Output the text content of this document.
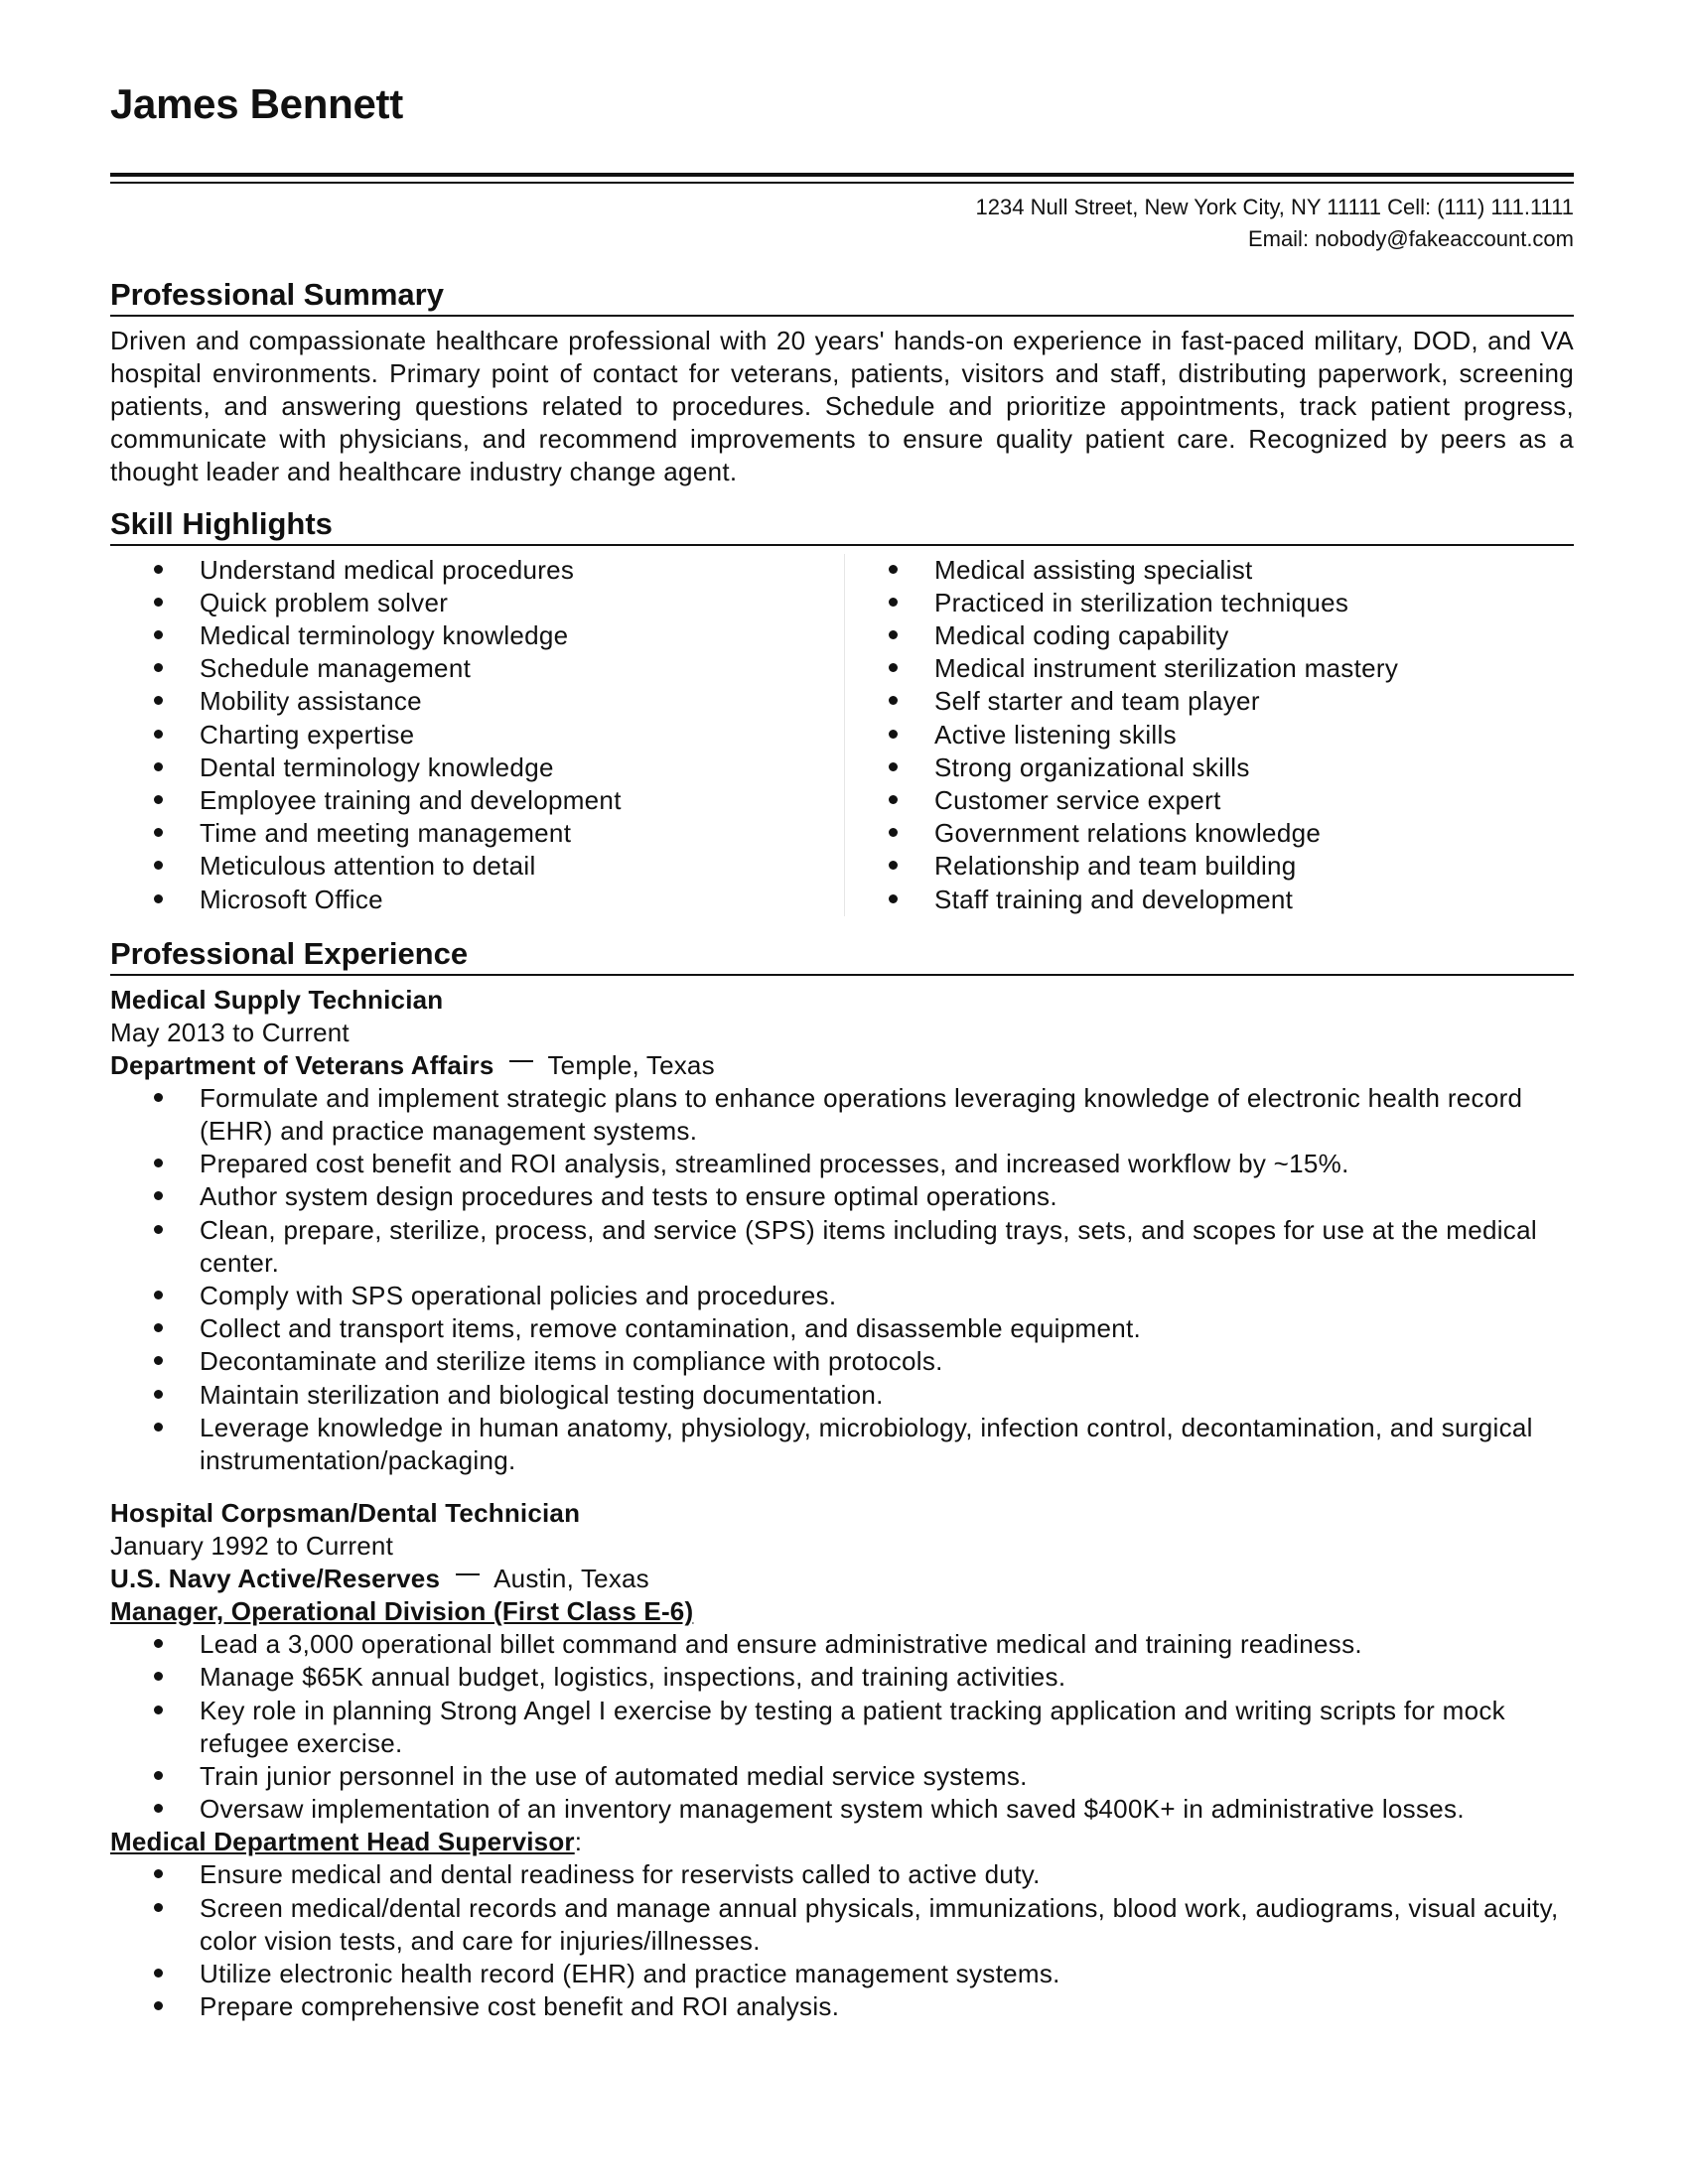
James Bennett
1234 Null Street, New York City, NY 11111 Cell: (111) 111.1111
Email: nobody@fakeaccount.com
Professional Summary
Driven and compassionate healthcare professional with 20 years' hands-on experience in fast-paced military, DOD, and VA hospital environments. Primary point of contact for veterans, patients, visitors and staff, distributing paperwork, screening patients, and answering questions related to procedures. Schedule and prioritize appointments, track patient progress, communicate with physicians, and recommend improvements to ensure quality patient care. Recognized by peers as a thought leader and healthcare industry change agent.
Skill Highlights
Understand medical procedures
Quick problem solver
Medical terminology knowledge
Schedule management
Mobility assistance
Charting expertise
Dental terminology knowledge
Employee training and development
Time and meeting management
Meticulous attention to detail
Microsoft Office
Medical assisting specialist
Practiced in sterilization techniques
Medical coding capability
Medical instrument sterilization mastery
Self starter and team player
Active listening skills
Strong organizational skills
Customer service expert
Government relations knowledge
Relationship and team building
Staff training and development
Professional Experience
Medical Supply Technician
May 2013 to Current
Department of Veterans Affairs Temple, Texas
Formulate and implement strategic plans to enhance operations leveraging knowledge of electronic health record (EHR) and practice management systems.
Prepared cost benefit and ROI analysis, streamlined processes, and increased workflow by ~15%.
Author system design procedures and tests to ensure optimal operations.
Clean, prepare, sterilize, process, and service (SPS) items including trays, sets, and scopes for use at the medical center.
Comply with SPS operational policies and procedures.
Collect and transport items, remove contamination, and disassemble equipment.
Decontaminate and sterilize items in compliance with protocols.
Maintain sterilization and biological testing documentation.
Leverage knowledge in human anatomy, physiology, microbiology, infection control, decontamination, and surgical instrumentation/packaging.
Hospital Corpsman/Dental Technician
January 1992 to Current
U.S. Navy Active/Reserves Austin, Texas
Manager, Operational Division (First Class E-6)
Lead a 3,000 operational billet command and ensure administrative medical and training readiness.
Manage $65K annual budget, logistics, inspections, and training activities.
Key role in planning Strong Angel I exercise by testing a patient tracking application and writing scripts for mock refugee exercise.
Train junior personnel in the use of automated medial service systems.
Oversaw implementation of an inventory management system which saved $400K+ in administrative losses.
Medical Department Head Supervisor:
Ensure medical and dental readiness for reservists called to active duty.
Screen medical/dental records and manage annual physicals, immunizations, blood work, audiograms, visual acuity, color vision tests, and care for injuries/illnesses.
Utilize electronic health record (EHR) and practice management systems.
Prepare comprehensive cost benefit and ROI analysis.
